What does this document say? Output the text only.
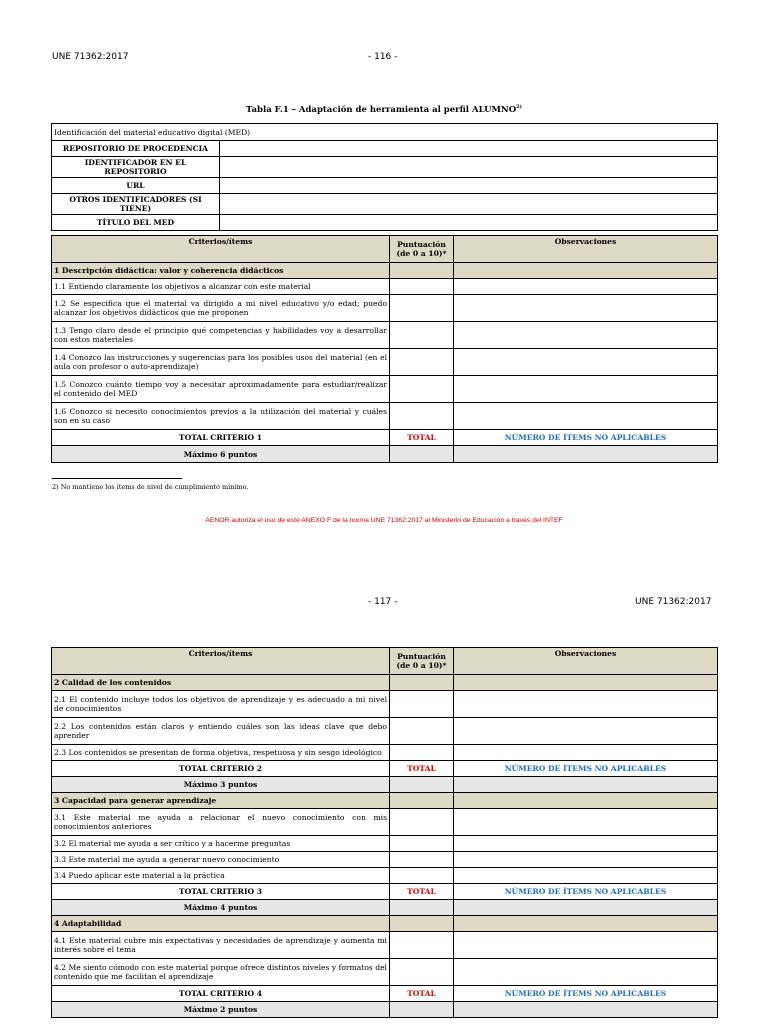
UNE 71362:2017	- 116 -
Tabla F.1 – Adaptación de herramienta al perfil ALUMNO$^{2)}$
Identificación del material educativo digital (MED)	
REPOSITORIO DE PROCEDENCIA	
IDENTIFICADOR EN EL REPOSITORIO	
URL	
OTROS IDENTIFICADORES (SI TIENE)	
TÍTULO DEL MED	
Criterios/ítems	Puntuación (de 0 a 10)*	Observaciones
1 Descripción didáctica: valor y coherencia didácticos		
1.1 Entiendo claramente los objetivos a alcanzar con este material		
1.2 Se especifica que el material va dirigido a mi nivel educativo y/o edad; puedo alcanzar los objetivos didácticos que me proponen		
1.3 Tengo claro desde el principio qué competencias y habilidades voy a desarrollar con estos materiales		
1.4 Conozco las instrucciones y sugerencias para los posibles usos del material (en el aula con profesor o auto-aprendizaje)		
1.5 Conozco cuánto tiempo voy a necesitar aproximadamente para estudiar/realizar el contenido del MED		
1.6 Conozco si necesito conocimientos previos a la utilización del material y cuáles son en su caso		
TOTAL CRITERIO 1	TOTAL	NÚMERO DE ÍTEMS NO APLICABLES
Máximo 6 puntos		
2) No mantiene los ítems de nivel de cumplimiento mínimo.
AENOR autoriza el uso de este ANEXO F de la norma UNE 71362:2017 al Ministerio de Educación a través del INTEF
- 117 -	UNE 71362:2017
Criterios/ítems	Puntuación (de 0 a 10)*	Observaciones
2 Calidad de los contenidos		
2.1 El contenido incluye todos los objetivos de aprendizaje y es adecuado a mi nivel de conocimientos		
2.2 Los contenidos están claros y entiendo cuáles son las ideas clave que debo aprender		
2.3 Los contenidos se presentan de forma objetiva, respetuosa y sin sesgo ideológico		
TOTAL CRITERIO 2	TOTAL	NÚMERO DE ÍTEMS NO APLICABLES
Máximo 3 puntos		
3 Capacidad para generar aprendizaje		
3.1 Este material me ayuda a relacionar el nuevo conocimiento con mis conocimientos anteriores		
3.2 El material me ayuda a ser crítico y a hacerme preguntas		
3.3 Este material me ayuda a generar nuevo conocimiento		
3.4 Puedo aplicar este material a la práctica		
TOTAL CRITERIO 3	TOTAL	NÚMERO DE ÍTEMS NO APLICABLES
Máximo 4 puntos		
4 Adaptabilidad		
4.1 Este material cubre mis expectativas y necesidades de aprendizaje y aumenta mi interés sobre el tema		
4.2 Me siento cómodo con este material porque ofrece distintos niveles y formatos del contenido que me facilitan el aprendizaje		
TOTAL CRITERIO 4	TOTAL	NÚMERO DE ÍTEMS NO APLICABLES
Máximo 2 puntos		
